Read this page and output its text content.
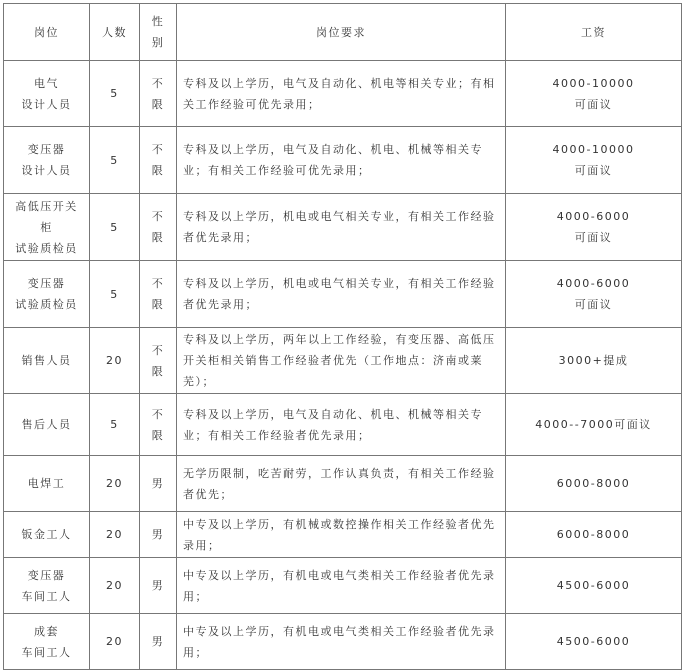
岗位	人数	性别	岗位要求	工资
电气
设计人员	5	不限	专科及以上学历，电气及自动化、机电等相关专业；有相关工作经验可优先录用；	4000-10000
可面议
变压器
设计人员	5	不限	专科及以上学历，电气及自动化、机电、机械等相关专业；有相关工作经验可优先录用；	4000-10000
可面议
高低压开关柜
试验质检员	5	不限	专科及以上学历，机电或电气相关专业，有相关工作经验者优先录用；	4000-6000
可面议
变压器
试验质检员	5	不限	专科及以上学历，机电或电气相关专业，有相关工作经验者优先录用；	4000-6000
可面议
销售人员	20	不限	专科及以上学历，两年以上工作经验，有变压器、高低压开关柜相关销售工作经验者优先（工作地点：济南或莱芜）；	3000+提成
售后人员	5	不限	专科及以上学历，电气及自动化、机电、机械等相关专业；有相关工作经验者优先录用；	4000--7000可面议
电焊工	20	男	无学历限制，吃苦耐劳，工作认真负责，有相关工作经验者优先；	6000-8000
钣金工人	20	男	中专及以上学历，有机械或数控操作相关工作经验者优先录用；	6000-8000
变压器
车间工人	20	男	中专及以上学历，有机电或电气类相关工作经验者优先录用；	4500-6000
成套
车间工人	20	男	中专及以上学历，有机电或电气类相关工作经验者优先录用；	4500-6000
